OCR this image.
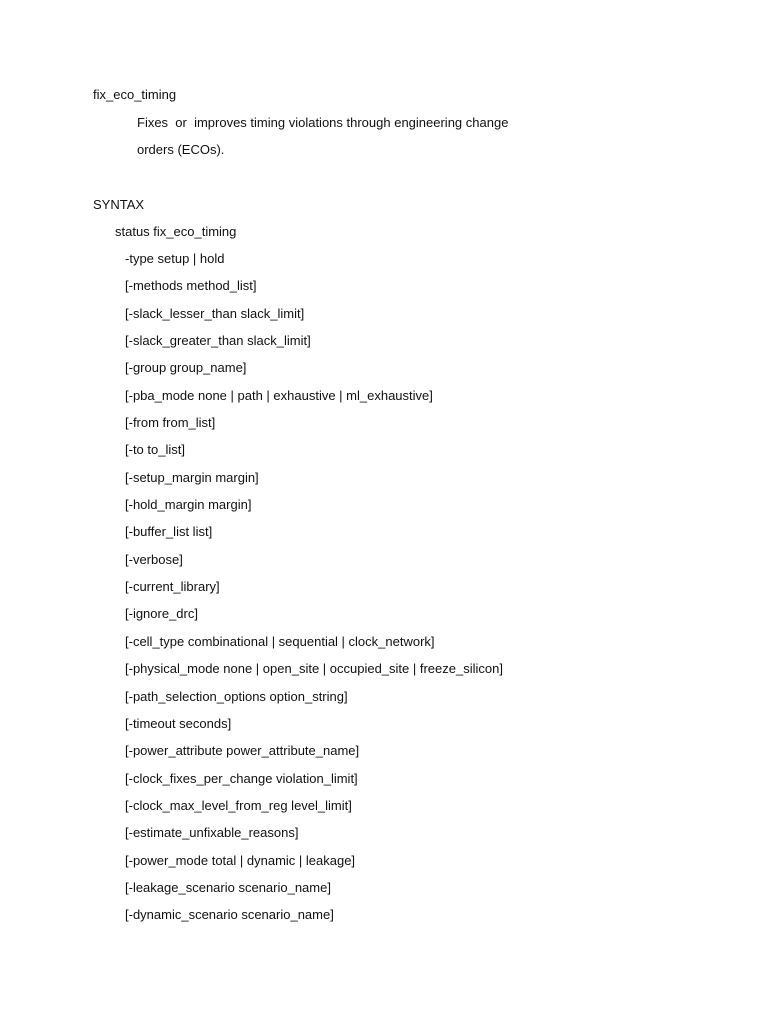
fix_eco_timing
Fixes  or  improves timing violations through engineering change
orders (ECOs).
SYNTAX
status fix_eco_timing
-type setup | hold
[-methods method_list]
[-slack_lesser_than slack_limit]
[-slack_greater_than slack_limit]
[-group group_name]
[-pba_mode none | path | exhaustive | ml_exhaustive]
[-from from_list]
[-to to_list]
[-setup_margin margin]
[-hold_margin margin]
[-buffer_list list]
[-verbose]
[-current_library]
[-ignore_drc]
[-cell_type combinational | sequential | clock_network]
[-physical_mode none | open_site | occupied_site | freeze_silicon]
[-path_selection_options option_string]
[-timeout seconds]
[-power_attribute power_attribute_name]
[-clock_fixes_per_change violation_limit]
[-clock_max_level_from_reg level_limit]
[-estimate_unfixable_reasons]
[-power_mode total | dynamic | leakage]
[-leakage_scenario scenario_name]
[-dynamic_scenario scenario_name]
